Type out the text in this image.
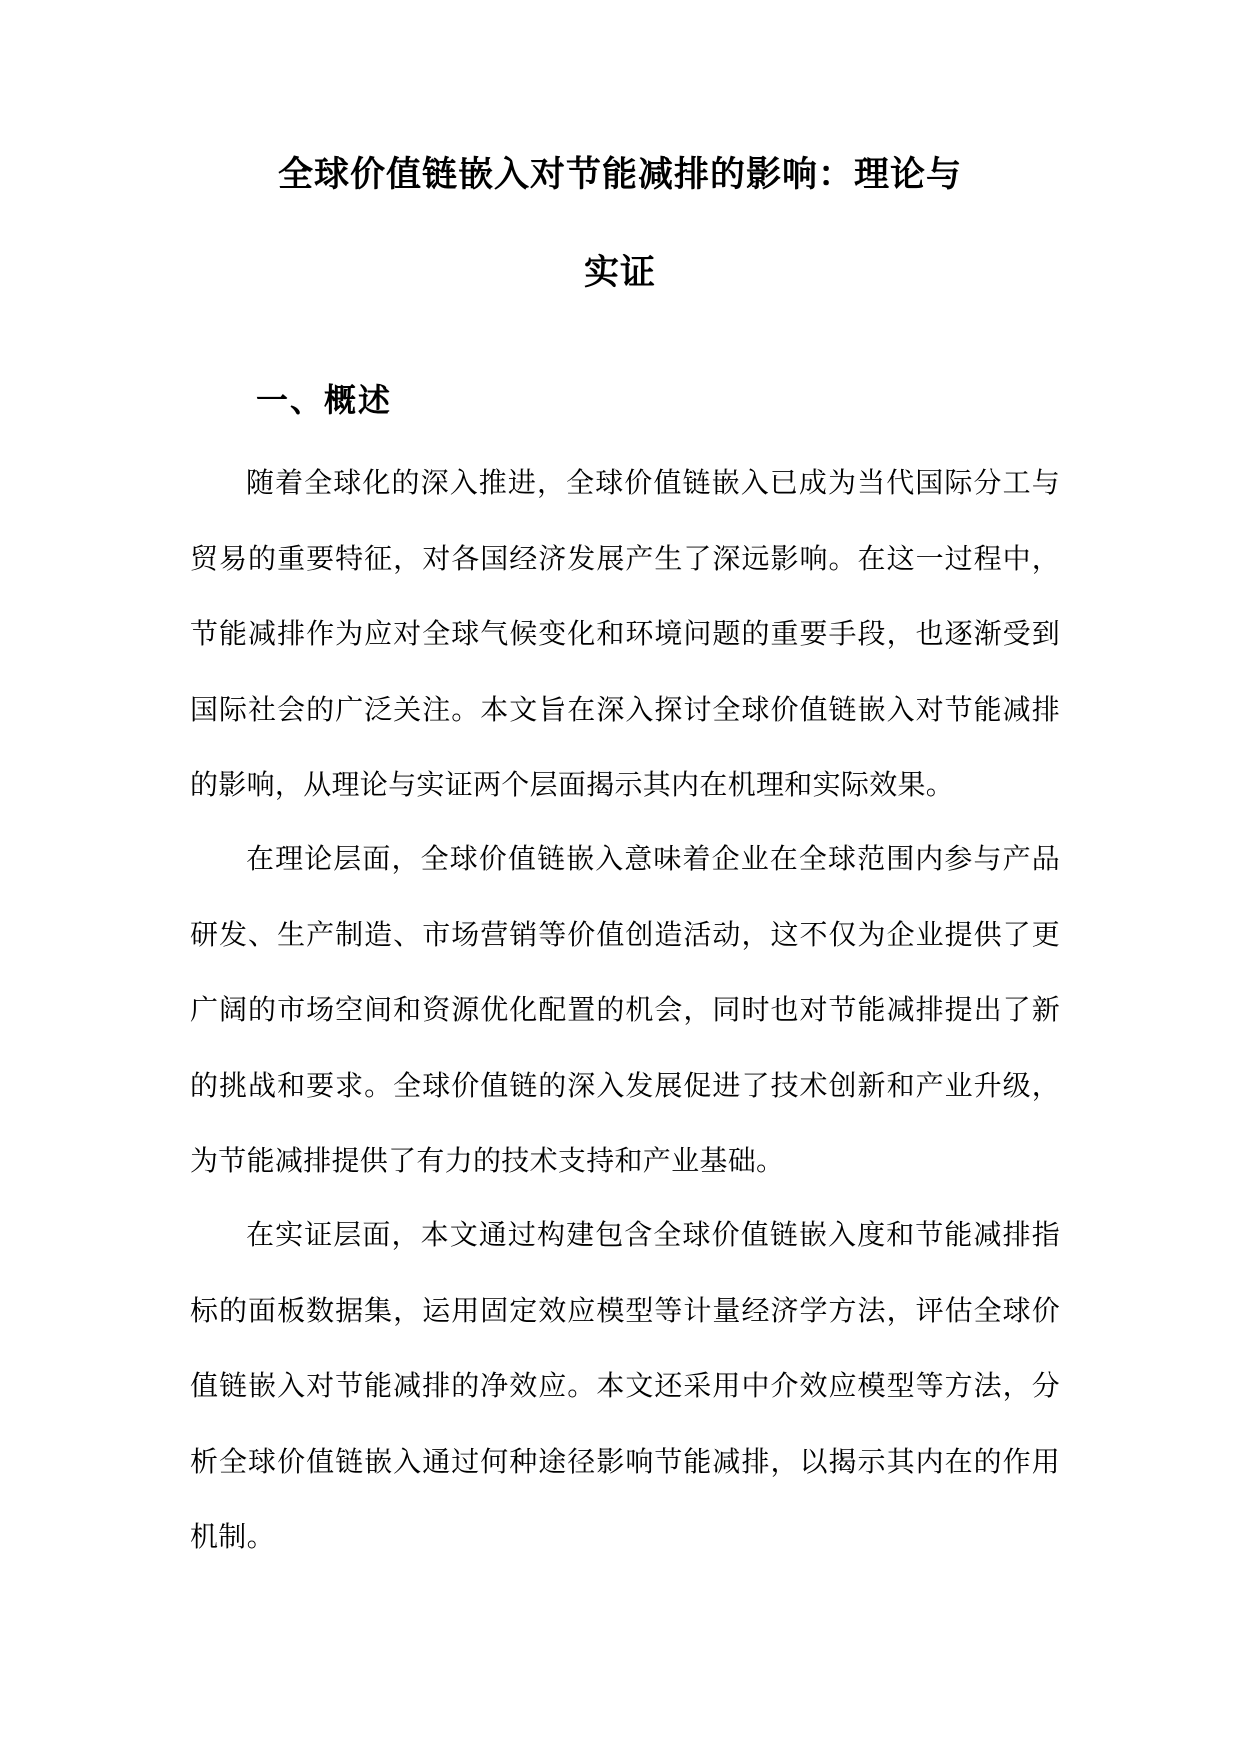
全球价值链嵌入对节能减排的影响：理论与
实证
一、概述

随着全球化的深入推进，全球价值链嵌入已成为当代国际分工与贸易的重要特征，对各国经济发展产生了深远影响。在这一过程中，节能减排作为应对全球气候变化和环境问题的重要手段，也逐渐受到国际社会的广泛关注。本文旨在深入探讨全球价值链嵌入对节能减排的影响，从理论与实证两个层面揭示其内在机理和实际效果。

在理论层面，全球价值链嵌入意味着企业在全球范围内参与产品研发、生产制造、市场营销等价值创造活动，这不仅为企业提供了更广阔的市场空间和资源优化配置的机会，同时也对节能减排提出了新的挑战和要求。全球价值链的深入发展促进了技术创新和产业升级，为节能减排提供了有力的技术支持和产业基础。

在实证层面，本文通过构建包含全球价值链嵌入度和节能减排指标的面板数据集，运用固定效应模型等计量经济学方法，评估全球价值链嵌入对节能减排的净效应。本文还采用中介效应模型等方法，分析全球价值链嵌入通过何种途径影响节能减排，以揭示其内在的作用机制。
